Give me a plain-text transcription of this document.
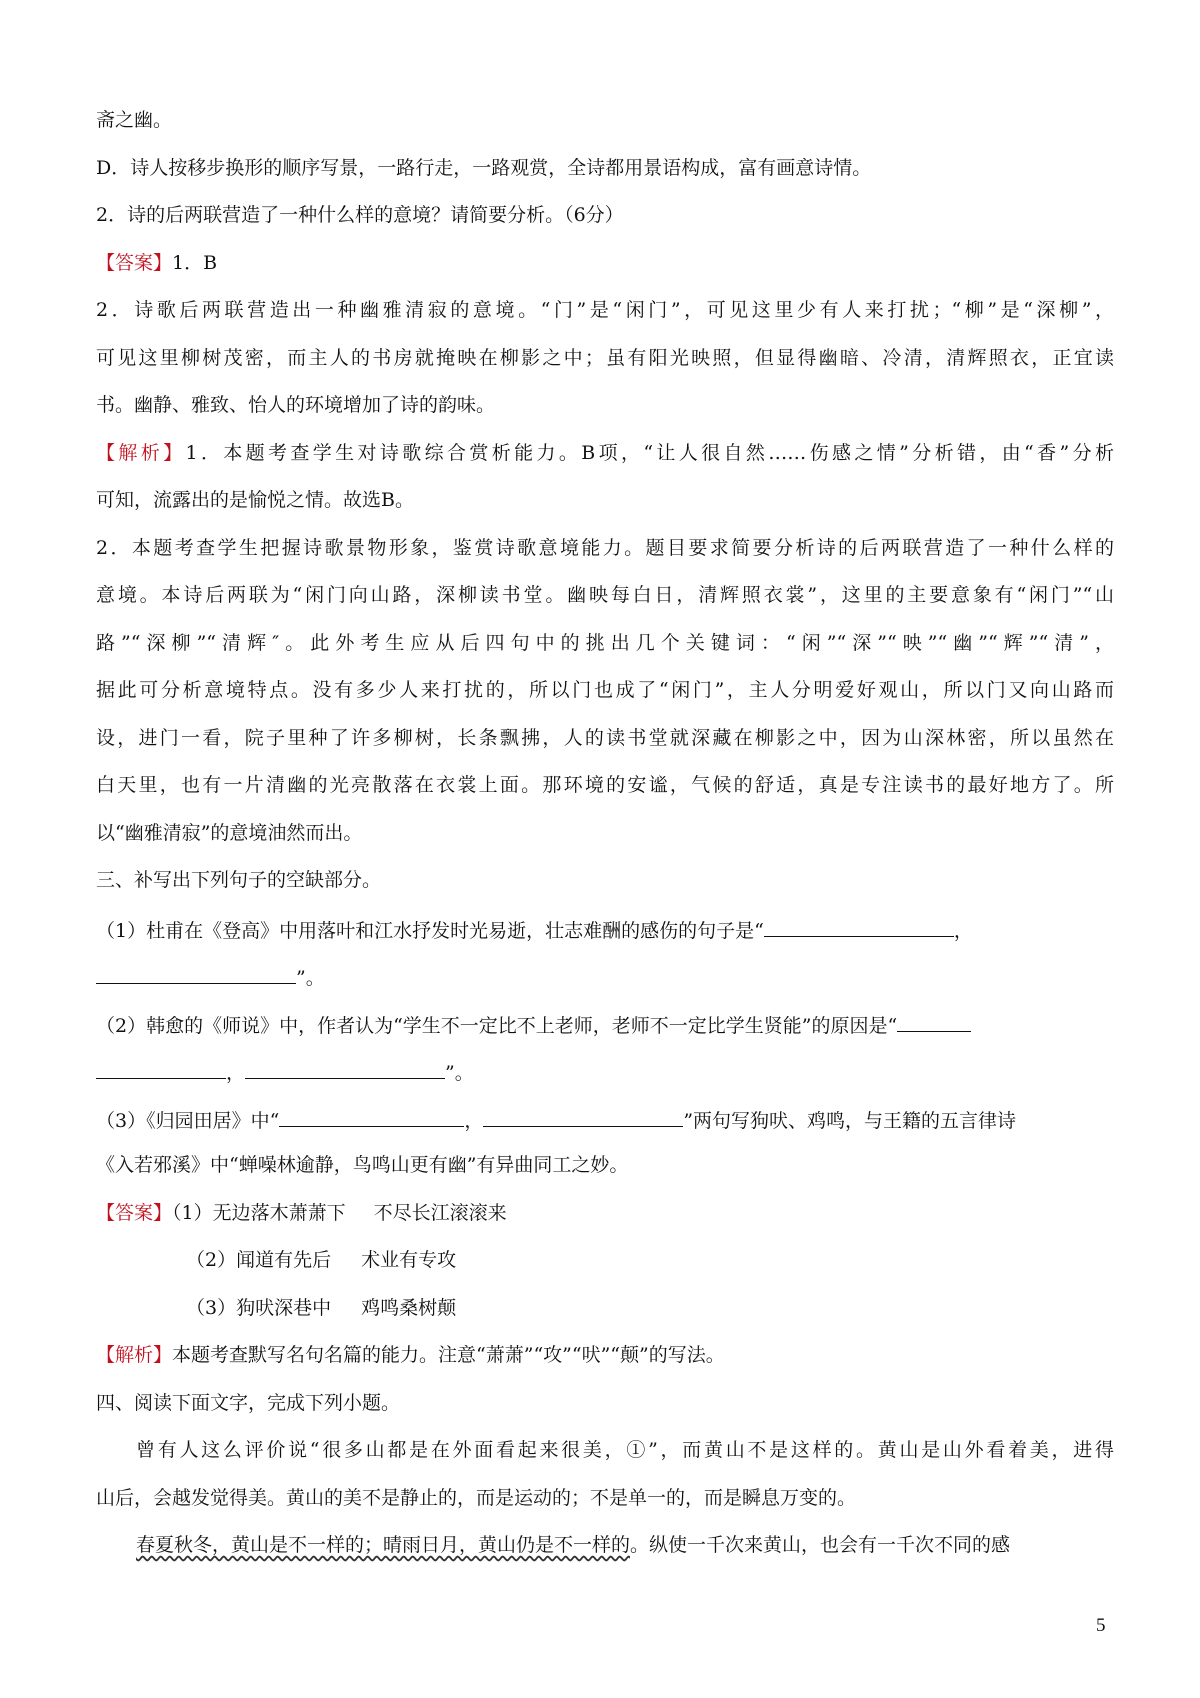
斋之幽。
D．诗人按移步换形的顺序写景，一路行走，一路观赏，全诗都用景语构成，富有画意诗情。
2．诗的后两联营造了一种什么样的意境？请简要分析。（6分）
【答案】1．B
2．诗歌后两联营造出一种幽雅清寂的意境。“门”是“闲门”，可见这里少有人来打扰；“柳”是“深柳”，
可见这里柳树茂密，而主人的书房就掩映在柳影之中；虽有阳光映照，但显得幽暗、冷清，清辉照衣，正宜读
书。幽静、雅致、怡人的环境增加了诗的韵味。
【解析】1．本题考查学生对诗歌综合赏析能力。B项，“让人很自然……伤感之情”分析错，由“香”分析
可知，流露出的是愉悦之情。故选B。
2．本题考查学生把握诗歌景物形象，鉴赏诗歌意境能力。题目要求简要分析诗的后两联营造了一种什么样的
意境。本诗后两联为“闲门向山路，深柳读书堂。幽映每白日，清辉照衣裳”，这里的主要意象有“闲门”“山
路”“深柳”“清辉″。此外考生应从后四句中的挑出几个关键词：“闲”“深”“映”“幽”“辉”“清”，
据此可分析意境特点。没有多少人来打扰的，所以门也成了“闲门”，主人分明爱好观山，所以门又向山路而
设，进门一看，院子里种了许多柳树，长条飘拂，人的读书堂就深藏在柳影之中，因为山深林密，所以虽然在
白天里，也有一片清幽的光亮散落在衣裳上面。那环境的安谧，气候的舒适，真是专注读书的最好地方了。所
以“幽雅清寂”的意境油然而出。
三、补写出下列句子的空缺部分。
（1）杜甫在《登高》中用落叶和江水抒发时光易逝，壮志难酬的感伤的句子是“	，
”。
（2）韩愈的《师说》中，作者认为“学生不一定比不上老师，老师不一定比学生贤能”的原因是“
，	”。
（3）《归园田居》中“	，	”两句写狗吠、鸡鸣，与王籍的五言律诗
《入若邪溪》中“蝉噪林逾静，鸟鸣山更有幽”有异曲同工之妙。
【答案】（1）无边落木萧萧下 不尽长江滚滚来
（2）闻道有先后 术业有专攻
（3）狗吠深巷中 鸡鸣桑树颠
【解析】本题考查默写名句名篇的能力。注意“萧萧”“攻”“吠”“颠”的写法。
四、阅读下面文字，完成下列小题。
曾有人这么评价说“很多山都是在外面看起来很美，①”，而黄山不是这样的。黄山是山外看着美，进得
山后，会越发觉得美。黄山的美不是静止的，而是运动的；不是单一的，而是瞬息万变的。
春夏秋冬，黄山是不一样的；晴雨日月，黄山仍是不一样的。纵使一千次来黄山，也会有一千次不同的感
5
